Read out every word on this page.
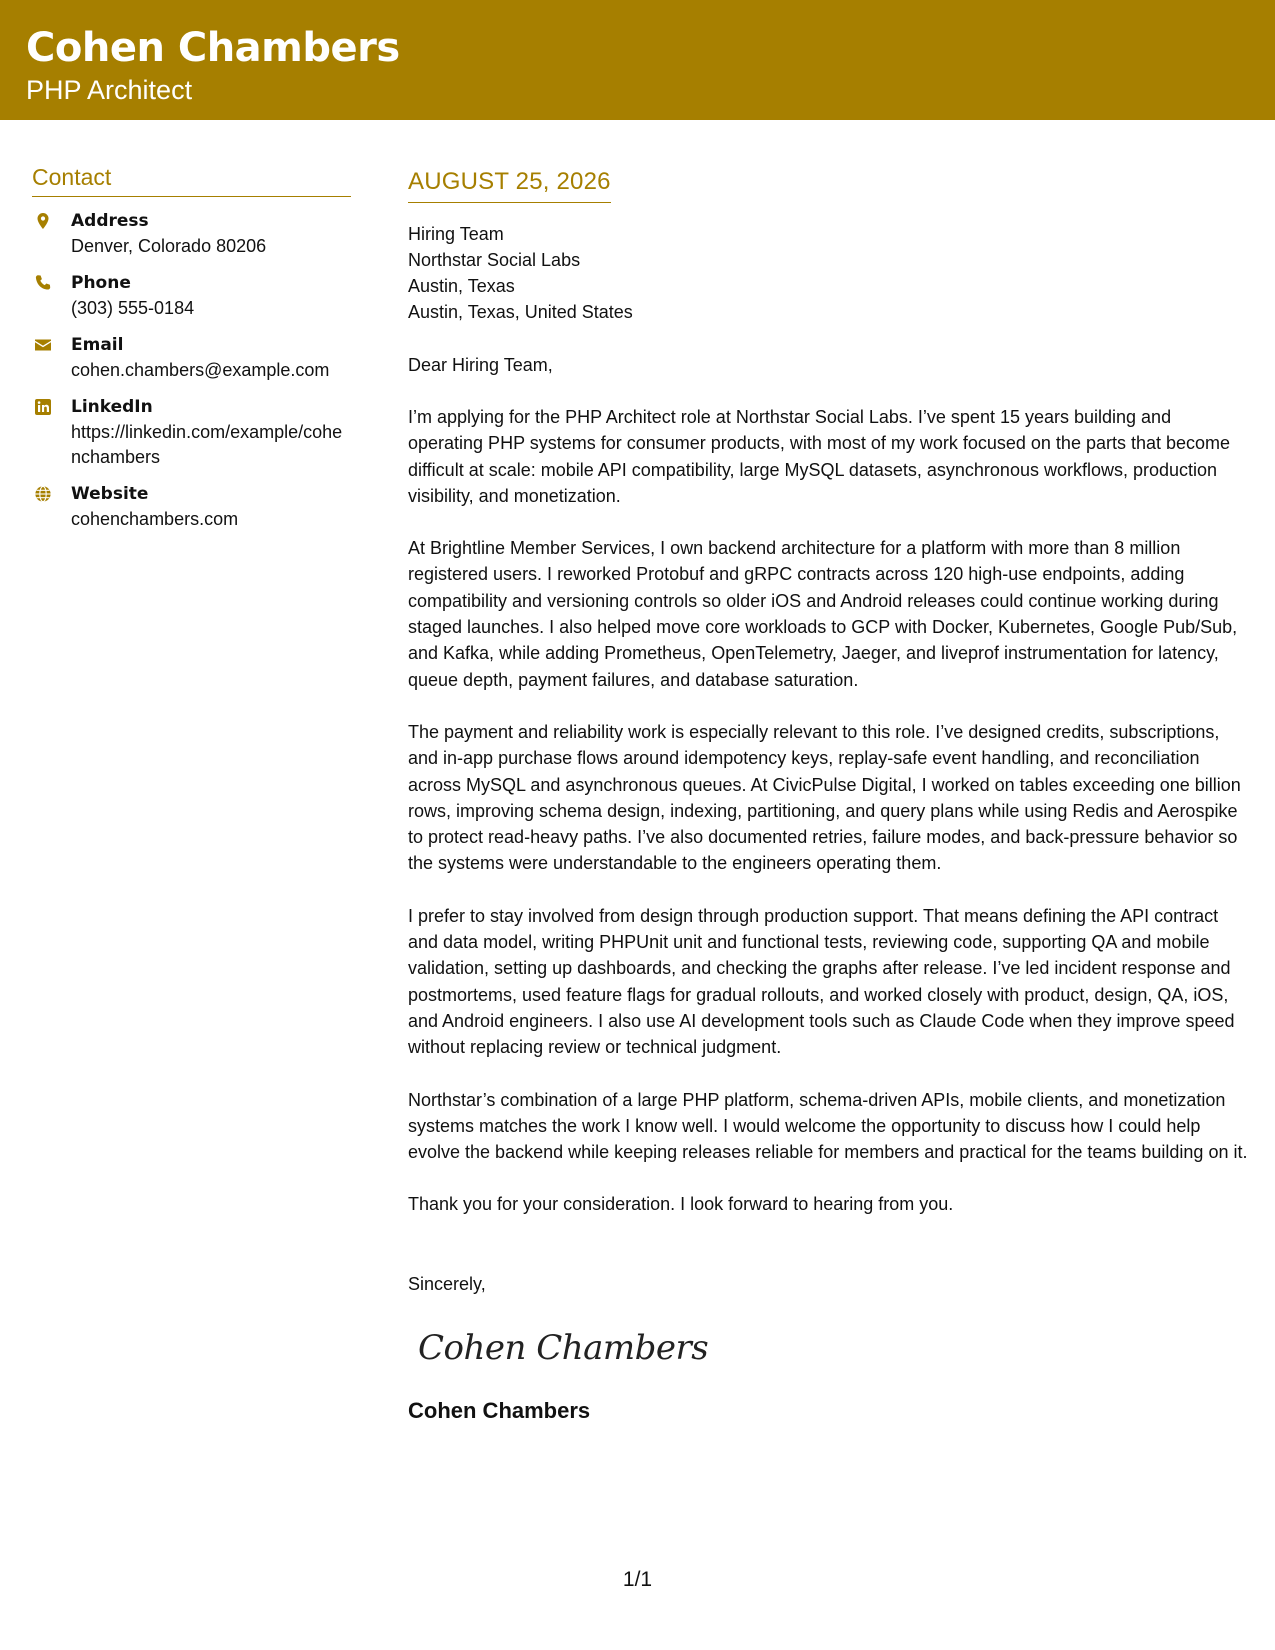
Cohen Chambers
PHP Architect
Contact
Address
Denver, Colorado 80206
Phone
(303) 555-0184
Email
cohen.chambers@example.com
LinkedIn
https://linkedin.com/example/cohenchambers
Website
cohenchambers.com
AUGUST 25, 2026
Hiring Team
Northstar Social Labs
Austin, Texas
Austin, Texas, United States
Dear Hiring Team,

I’m applying for the PHP Architect role at Northstar Social Labs. I’ve spent 15 years building and operating PHP systems for consumer products, with most of my work focused on the parts that become difficult at scale: mobile API compatibility, large MySQL datasets, asynchronous workflows, production visibility, and monetization.

At Brightline Member Services, I own backend architecture for a platform with more than 8 million registered users. I reworked Protobuf and gRPC contracts across 120 high-use endpoints, adding compatibility and versioning controls so older iOS and Android releases could continue working during staged launches. I also helped move core workloads to GCP with Docker, Kubernetes, Google Pub/Sub, and Kafka, while adding Prometheus, OpenTelemetry, Jaeger, and liveprof instrumentation for latency, queue depth, payment failures, and database saturation.

The payment and reliability work is especially relevant to this role. I’ve designed credits, subscriptions, and in-app purchase flows around idempotency keys, replay-safe event handling, and reconciliation across MySQL and asynchronous queues. At CivicPulse Digital, I worked on tables exceeding one billion rows, improving schema design, indexing, partitioning, and query plans while using Redis and Aerospike to protect read-heavy paths. I’ve also documented retries, failure modes, and back-pressure behavior so the systems were understandable to the engineers operating them.

I prefer to stay involved from design through production support. That means defining the API contract and data model, writing PHPUnit unit and functional tests, reviewing code, supporting QA and mobile validation, setting up dashboards, and checking the graphs after release. I’ve led incident response and postmortems, used feature flags for gradual rollouts, and worked closely with product, design, QA, iOS, and Android engineers. I also use AI development tools such as Claude Code when they improve speed without replacing review or technical judgment.

Northstar’s combination of a large PHP platform, schema-driven APIs, mobile clients, and monetization systems matches the work I know well. I would welcome the opportunity to discuss how I could help evolve the backend while keeping releases reliable for members and practical for the teams building on it.

Thank you for your consideration. I look forward to hearing from you.

Sincerely,
Cohen Chambers
Cohen Chambers
1/1
